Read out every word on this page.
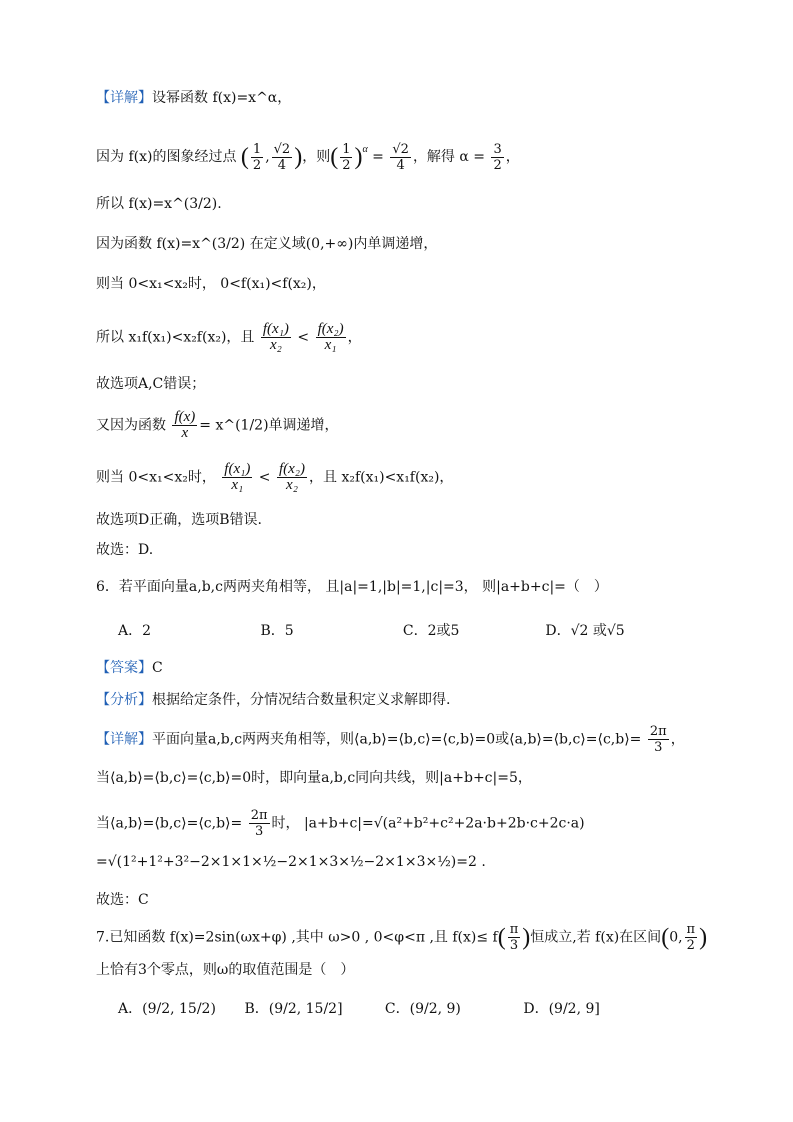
【详解】设幂函数 f(x)=x^α，
因为 f(x)的图象经过点 ( $\frac{1}{2}$ , $\frac{√2}{4}$ )，则( $\frac{1}{2} )^\alpha = \frac{√2}{4}$ ，解得 $\alpha = \frac{3}{2}$ ，
所以 f(x)=x^(3/2).
因为函数 f(x)=x^(3/2) 在定义域(0,+∞)内单调递增，
则当 0<x₁<x₂时， 0<f(x₁)<f(x₂)，
所以 x₁f(x₁)<x₂f(x₂)，且 $\frac{\text{f(x₁)}}{\text{x₂}} < \frac{\text{f(x₂)}}{\text{x₁}}$ ，
故选项A,C错误；
又因为函数 $\frac{f(x)}{x}$ = x^(1/2)单调递增，
则当 0<x₁<x₂时， $\frac{\text{f(x₁)}}{\text{x₁}} < \frac{\text{f(x₂)}}{\text{x₂}}$ ，且 x₂f(x₁)<x₁f(x₂)，
故选项D正确，选项B错误.
故选：D.
6．若平面向量a,b,c两两夹角相等， 且|a|=1,|b|=1,|c|=3， 则|a+b+c|=（　）
A．2	B．5	C．2或5	D．√2 或√5
【答案】C
【分析】根据给定条件，分情况结合数量积定义求解即得.
【详解】平面向量a,b,c两两夹角相等，则⟨a,b⟩=⟨b,c⟩=⟨c,b⟩=0或⟨a,b⟩=⟨b,c⟩=⟨c,b⟩= $\frac{2\pi}{3}$ ，
当⟨a,b⟩=⟨b,c⟩=⟨c,b⟩=0时，即向量a,b,c同向共线，则|a+b+c|=5，
当⟨a,b⟩=⟨b,c⟩=⟨c,b⟩= $\frac{2\pi}{3}$ 时， |a+b+c|=√(a²+b²+c²+2a·b+2b·c+2c·a)
=√(1²+1²+3²−2×1×1×½−2×1×3×½−2×1×3×½)=2 .
故选：C
7.已知函数 f(x)=2sin(ωx+φ) ,其中 ω>0 , 0<φ<π ,且 $f(x)\le f( \frac{\pi}{3}$ )恒成立,若 f(x)在区间(0, $\frac{\pi}{2}$ )
上恰有3个零点，则ω的取值范围是（　）
A．(9/2, 15/2) B．(9/2, 15/2]	C．(9/2, 9)	D．(9/2, 9]
